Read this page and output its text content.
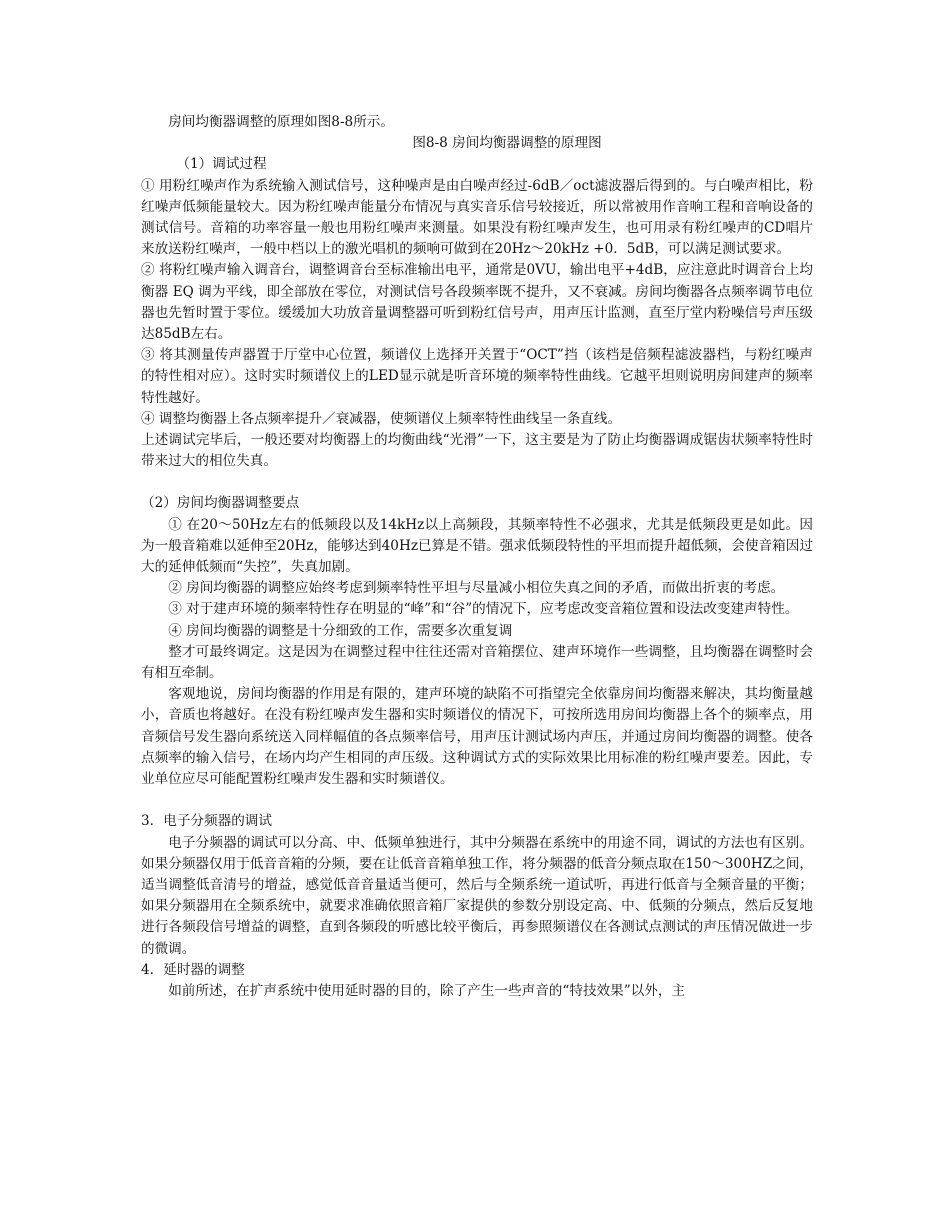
房间均衡器调整的原理如图8-8所示。

图8-8 房间均衡器调整的原理图

（1）调试过程

① 用粉红噪声作为系统输入测试信号，这种噪声是由白噪声经过-6dB／oct滤波器后得到的。与白噪声相比，粉红噪声低频能量较大。因为粉红噪声能量分布情况与真实音乐信号较接近，所以常被用作音响工程和音响设备的测试信号。音箱的功率容量一般也用粉红噪声来测量。如果没有粉红噪声发生，也可用录有粉红噪声的CD唱片来放送粉红噪声，一般中档以上的激光唱机的频响可做到在20Hz～20kHz +0．5dB，可以满足测试要求。

② 将粉红噪声输入调音台，调整调音台至标准输出电平，通常是0VU，输出电平+4dB，应注意此时调音台上均衡器 EQ 调为平线，即全部放在零位，对测试信号各段频率既不提升，又不衰减。房间均衡器各点频率调节电位器也先暂时置于零位。缓缓加大功放音量调整器可听到粉红信号声，用声压计监测，直至厅堂内粉噪信号声压级达85dB左右。

③ 将其测量传声器置于厅堂中心位置，频谱仪上选择开关置于“OCT”挡（该档是倍频程滤波器档，与粉红噪声的特性相对应）。这时实时频谱仪上的LED显示就是听音环境的频率特性曲线。它越平坦则说明房间建声的频率特性越好。

④ 调整均衡器上各点频率提升／衰减器，使频谱仪上频率特性曲线呈一条直线。

上述调试完毕后，一般还要对均衡器上的均衡曲线“光滑”一下，这主要是为了防止均衡器调成锯齿状频率特性时带来过大的相位失真。

（2）房间均衡器调整要点

① 在20～50Hz左右的低频段以及14kHz以上高频段，其频率特性不必强求，尤其是低频段更是如此。因为一般音箱难以延伸至20Hz，能够达到40Hz已算是不错。强求低频段特性的平坦而提升超低频，会使音箱因过大的延伸低频而“失控”，失真加剧。

② 房间均衡器的调整应始终考虑到频率特性平坦与尽量减小相位失真之间的矛盾，而做出折衷的考虑。

③ 对于建声环境的频率特性存在明显的“峰”和“谷”的情况下，应考虑改变音箱位置和设法改变建声特性。

④ 房间均衡器的调整是十分细致的工作，需要多次重复调

整才可最终调定。这是因为在调整过程中往往还需对音箱摆位、建声环境作一些调整，且均衡器在调整时会有相互牵制。

客观地说，房间均衡器的作用是有限的，建声环境的缺陷不可指望完全依靠房间均衡器来解决，其均衡量越小，音质也将越好。在没有粉红噪声发生器和实时频谱仪的情况下，可按所选用房间均衡器上各个的频率点，用音频信号发生器向系统送入同样幅值的各点频率信号，用声压计测试场内声压，并通过房间均衡器的调整。使各点频率的输入信号，在场内均产生相同的声压级。这种调试方式的实际效果比用标准的粉红噪声要差。因此，专业单位应尽可能配置粉红噪声发生器和实时频谱仪。

3．电子分频器的调试

电子分频器的调试可以分高、中、低频单独进行，其中分频器在系统中的用途不同，调试的方法也有区别。如果分频器仅用于低音音箱的分频，要在让低音音箱单独工作，将分频器的低音分频点取在150～300HZ之间，适当调整低音清号的增益，感觉低音音量适当便可，然后与全频系统一道试听，再进行低音与全频音量的平衡；如果分频器用在全频系统中，就要求准确依照音箱厂家提供的参数分别设定高、中、低频的分频点，然后反复地进行各频段信号增益的调整，直到各频段的听感比较平衡后，再参照频谱仪在各测试点测试的声压情况做进一步的微调。

4．延时器的调整

如前所述，在扩声系统中使用延时器的目的，除了产生一些声音的“特技效果”以外，主
